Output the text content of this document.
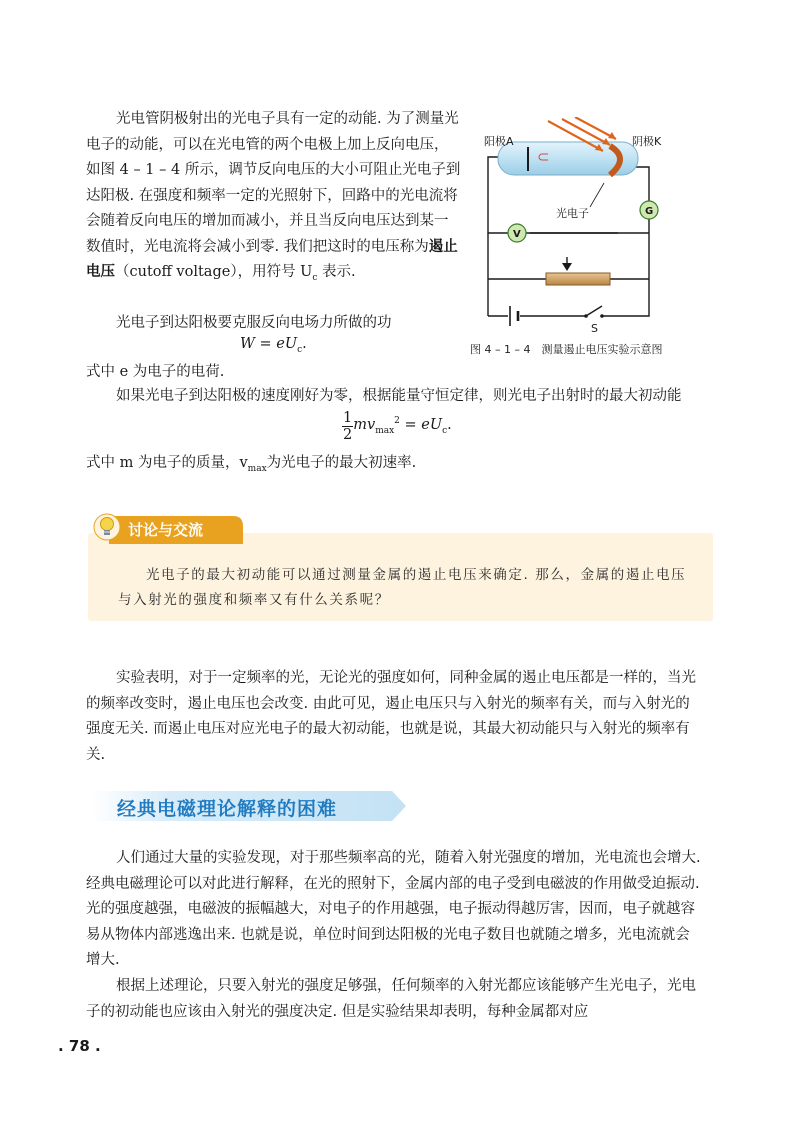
光电管阴极射出的光电子具有一定的动能. 为了测量光电子的动能，可以在光电管的两个电极上加上反向电压，如图 4 – 1 – 4 所示，调节反向电压的大小可阻止光电子到达阳极. 在强度和频率一定的光照射下，回路中的光电流将会随着反向电压的增加而减小，并且当反向电压达到某一数值时，光电流将会减小到零. 我们把这时的电压称为遏止电压（cutoff voltage），用符号 $U_c$ 表示.

光电子到达阳极要克服反向电场力所做的功

$W = eU_c$.

式中 e 为电子的电荷.

如果光电子到达阳极的速度刚好为零，根据能量守恒定律，则光电子出射时的最大初动能

$\frac{1}{2} mv_{max}^2 = eU_c$.

式中 m 为电子的质量，$v_{max}$为光电子的最大初速率.

阳极A	阴极K
光电子	G
V
S
图 4 – 1 – 4　测量遏止电压实验示意图
讨论与交流
光电子的最大初动能可以通过测量金属的遏止电压来确定. 那么，金属的遏止电压与入射光的强度和频率又有什么关系呢？

实验表明，对于一定频率的光，无论光的强度如何，同种金属的遏止电压都是一样的，当光的频率改变时，遏止电压也会改变. 由此可见，遏止电压只与入射光的频率有关，而与入射光的强度无关. 而遏止电压对应光电子的最大初动能，也就是说，其最大初动能只与入射光的频率有关.

经典电磁理论解释的困难

人们通过大量的实验发现，对于那些频率高的光，随着入射光强度的增加，光电流也会增大. 经典电磁理论可以对此进行解释，在光的照射下，金属内部的电子受到电磁波的作用做受迫振动. 光的强度越强，电磁波的振幅越大，对电子的作用越强，电子振动得越厉害，因而，电子就越容易从物体内部逃逸出来. 也就是说，单位时间到达阳极的光电子数目也就随之增多，光电流就会增大.

根据上述理论，只要入射光的强度足够强，任何频率的入射光都应该能够产生光电子，光电子的初动能也应该由入射光的强度决定. 但是实验结果却表明，每种金属都对应

. 78 .
